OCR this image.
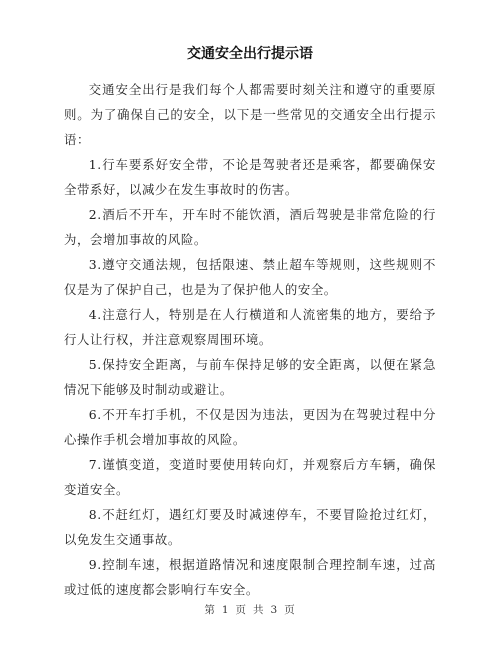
交通安全出行提示语

交通安全出行是我们每个人都需要时刻关注和遵守的重要原则。为了确保自己的安全，以下是一些常见的交通安全出行提示语：

1.行车要系好安全带，不论是驾驶者还是乘客，都要确保安全带系好，以减少在发生事故时的伤害。

2.酒后不开车，开车时不能饮酒，酒后驾驶是非常危险的行为，会增加事故的风险。

3.遵守交通法规，包括限速、禁止超车等规则，这些规则不仅是为了保护自己，也是为了保护他人的安全。

4.注意行人，特别是在人行横道和人流密集的地方，要给予行人让行权，并注意观察周围环境。

5.保持安全距离，与前车保持足够的安全距离，以便在紧急情况下能够及时制动或避让。

6.不开车打手机，不仅是因为违法，更因为在驾驶过程中分心操作手机会增加事故的风险。

7.谨慎变道，变道时要使用转向灯，并观察后方车辆，确保变道安全。

8.不赶红灯，遇红灯要及时减速停车，不要冒险抢过红灯，以免发生交通事故。

9.控制车速，根据道路情况和速度限制合理控制车速，过高或过低的速度都会影响行车安全。

第 1 页 共 3 页
